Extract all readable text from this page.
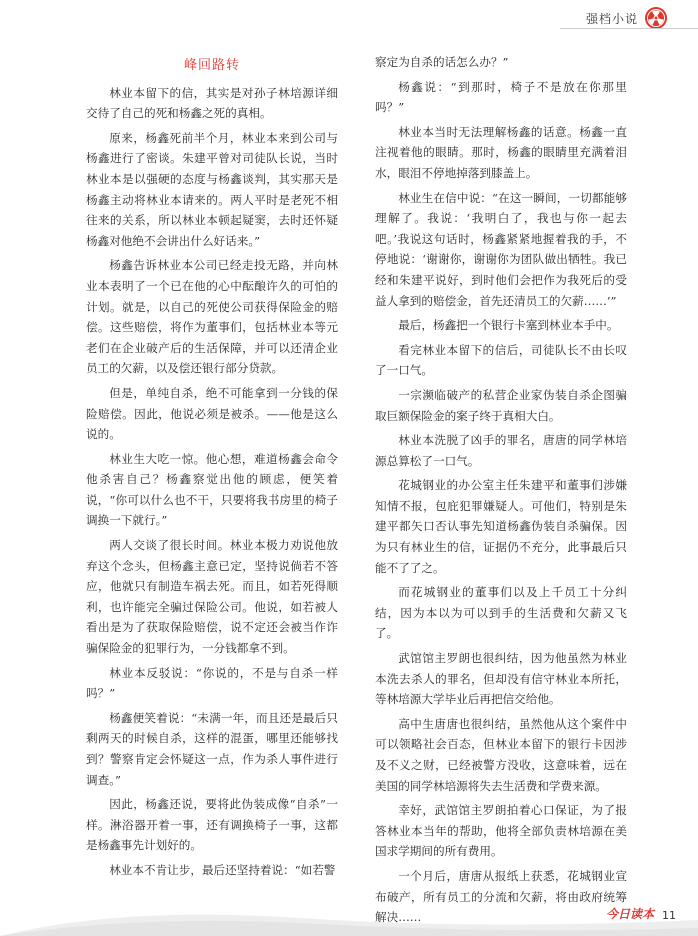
强档小说
峰回路转

林业本留下的信，其实是对孙子林培源详细交待了自己的死和杨鑫之死的真相。

原来，杨鑫死前半个月，林业本来到公司与杨鑫进行了密谈。朱建平曾对司徒队长说，当时林业本是以强硬的态度与杨鑫谈判，其实那天是杨鑫主动将林业本请来的。两人平时是老死不相往来的关系，所以林业本顿起疑窦，去时还怀疑杨鑫对他绝不会讲出什么好话来。”

杨鑫告诉林业本公司已经走投无路，并向林业本表明了一个已在他的心中酝酿许久的可怕的计划。就是，以自己的死使公司获得保险金的赔偿。这些赔偿，将作为董事们，包括林业本等元老们在企业破产后的生活保障，并可以还清企业员工的欠薪，以及偿还银行部分贷款。

但是，单纯自杀，绝不可能拿到一分钱的保险赔偿。因此，他说必须是被杀。——他是这么说的。

林业生大吃一惊。他心想，难道杨鑫会命令他杀害自己？杨鑫察觉出他的顾虑，便笑着说，“你可以什么也不干，只要将我书房里的椅子调换一下就行。”

两人交谈了很长时间。林业本极力劝说他放弃这个念头，但杨鑫主意已定，坚持说倘若不答应，他就只有制造车祸去死。而且，如若死得顺利，也许能完全骗过保险公司。他说，如若被人看出是为了获取保险赔偿，说不定还会被当作诈骗保险金的犯罪行为，一分钱都拿不到。

林业本反驳说：“你说的，不是与自杀一样吗？”

杨鑫便笑着说：“未满一年，而且还是最后只剩两天的时候自杀，这样的混蛋，哪里还能够找到？警察肯定会怀疑这一点，作为杀人事件进行调查。”

因此，杨鑫还说，要将此伪装成像“自杀”一样。淋浴器开着一事，还有调换椅子一事，这都是杨鑫事先计划好的。

林业本不肯让步，最后还坚持着说：“如若警

察定为自杀的话怎么办？”

杨鑫说：“到那时，椅子不是放在你那里吗？”

林业本当时无法理解杨鑫的话意。杨鑫一直注视着他的眼睛。那时，杨鑫的眼睛里充满着泪水，眼泪不停地掉落到膝盖上。

林业生在信中说：“在这一瞬间，一切都能够理解了。我说：‘我明白了，我也与你一起去吧。’我说这句话时，杨鑫紧紧地握着我的手，不停地说：‘谢谢你，谢谢你为团队做出牺牲。我已经和朱建平说好，到时他们会把作为我死后的受益人拿到的赔偿金，首先还清员工的欠薪……’”

最后，杨鑫把一个银行卡塞到林业本手中。

看完林业本留下的信后，司徒队长不由长叹了一口气。

一宗濒临破产的私营企业家伪装自杀企图骗取巨额保险金的案子终于真相大白。

林业本洗脱了凶手的罪名，唐唐的同学林培源总算松了一口气。

花城钢业的办公室主任朱建平和董事们涉嫌知情不报，包庇犯罪嫌疑人。可他们，特别是朱建平都矢口否认事先知道杨鑫伪装自杀骗保。因为只有林业生的信，证据仍不充分，此事最后只能不了了之。

而花城钢业的董事们以及上千员工十分纠结，因为本以为可以到手的生活费和欠薪又飞了。

武馆馆主罗朗也很纠结，因为他虽然为林业本洗去杀人的罪名，但却没有信守林业本所托，等林培源大学毕业后再把信交给他。

高中生唐唐也很纠结，虽然他从这个案件中可以领略社会百态，但林业本留下的银行卡因涉及不义之财，已经被警方没收，这意味着，远在美国的同学林培源将失去生活费和学费来源。

幸好，武馆馆主罗朗拍着心口保证，为了报答林业本当年的帮助，他将全部负责林培源在美国求学期间的所有费用。

一个月后，唐唐从报纸上获悉，花城钢业宣布破产，所有员工的分流和欠薪，将由政府统筹解决……	今日读本 11
